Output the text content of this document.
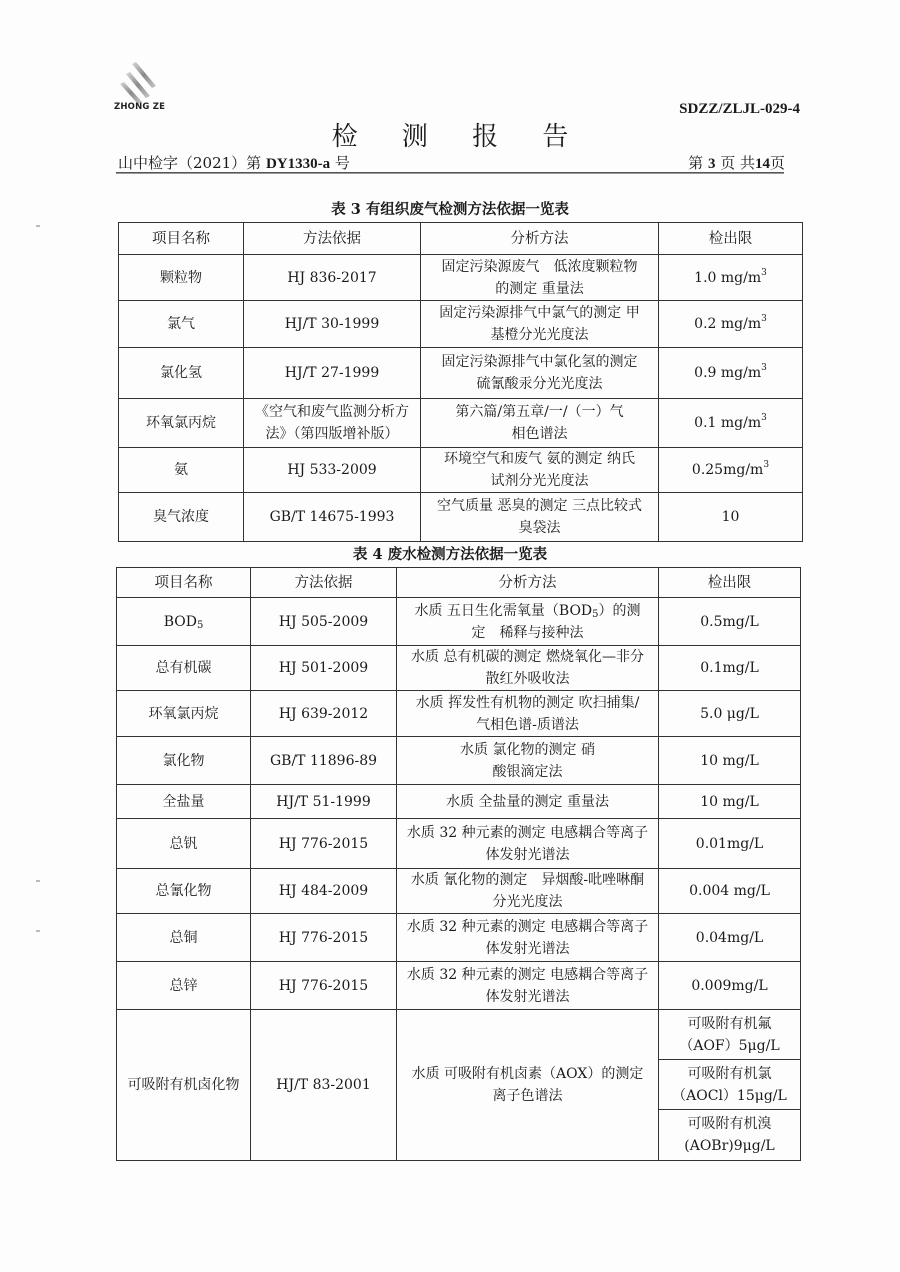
ZHONG ZE	SDZZ/ZLJL-029-4
检 测 报 告
山中检字（2021）第 DY1330-a 号	第 3 页 共14页
表 3 有组织废气检测方法依据一览表
项目名称	方法依据	分析方法	检出限
颗粒物	HJ 836-2017	固定污染源废气　低浓度颗粒物的测定 重量法	1.0 $mg/m^3$
氯气	HJ/T 30-1999	固定污染源排气中氯气的测定 甲基橙分光光度法	0.2 $mg/m^3$
氯化氢	HJ/T 27-1999	固定污染源排气中氯化氢的测定 硫氰酸汞分光光度法	0.9 $mg/m^3$
环氧氯丙烷	《空气和废气监测分析方法》（第四版增补版）	第六篇/第五章/一/（一）气相色谱法	0.1 $mg/m^3$
氨	HJ 533-2009	环境空气和废气 氨的测定 纳氏试剂分光光度法	$0.25mg/m^3$
臭气浓度	GB/T 14675-1993	空气质量 恶臭的测定 三点比较式臭袋法	10
表 4 废水检测方法依据一览表
项目名称	方法依据	分析方法	检出限
$BOD_5$	HJ 505-2009	水质 五日生化需氧量$(BOD_5)$的测定　稀释与接种法	0.5mg/L
总有机碳	HJ 501-2009	水质 总有机碳的测定 燃烧氧化—非分散红外吸收法	0.1mg/L
环氧氯丙烷	HJ 639-2012	水质 挥发性有机物的测定 吹扫捕集/气相色谱-质谱法	5.0 μg/L
氯化物	GB/T 11896-89	水质 氯化物的测定 硝酸银滴定法	10 mg/L
全盐量	HJ/T 51-1999	水质 全盐量的测定 重量法	10 mg/L
总钒	HJ 776-2015	水质 32 种元素的测定 电感耦合等离子体发射光谱法	0.01mg/L
总氰化物	HJ 484-2009	水质 氰化物的测定　异烟酸-吡唑啉酮分光光度法	0.004 mg/L
总铜	HJ 776-2015	水质 32 种元素的测定 电感耦合等离子体发射光谱法	0.04mg/L
总锌	HJ 776-2015	水质 32 种元素的测定 电感耦合等离子体发射光谱法	0.009mg/L
可吸附有机卤化物	HJ/T 83-2001	水质 可吸附有机卤素（AOX）的测定 离子色谱法	可吸附有机氟（AOF）5μg/L
			可吸附有机氯（AOCl）15μg/L
			可吸附有机溴(AOBr)9μg/L
